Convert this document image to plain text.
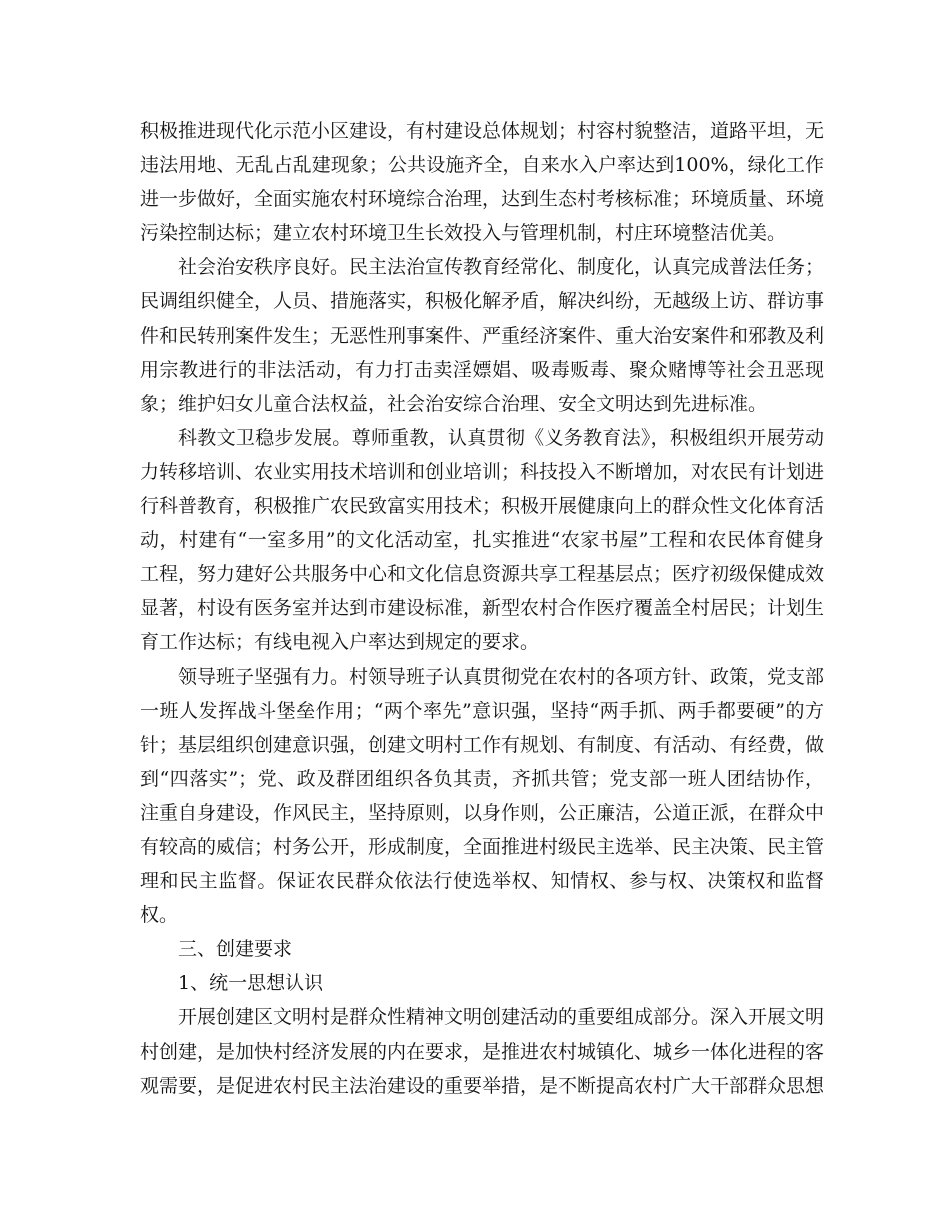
积极推进现代化示范小区建设，有村建设总体规划；村容村貌整洁，道路平坦，无违法用地、无乱占乱建现象；公共设施齐全，自来水入户率达到100%，绿化工作进一步做好，全面实施农村环境综合治理，达到生态村考核标准；环境质量、环境污染控制达标；建立农村环境卫生长效投入与管理机制，村庄环境整洁优美。

社会治安秩序良好。民主法治宣传教育经常化、制度化，认真完成普法任务；民调组织健全，人员、措施落实，积极化解矛盾，解决纠纷，无越级上访、群访事件和民转刑案件发生；无恶性刑事案件、严重经济案件、重大治安案件和邪教及利用宗教进行的非法活动，有力打击卖淫嫖娼、吸毒贩毒、聚众赌博等社会丑恶现象；维护妇女儿童合法权益，社会治安综合治理、安全文明达到先进标准。

科教文卫稳步发展。尊师重教，认真贯彻《义务教育法》，积极组织开展劳动力转移培训、农业实用技术培训和创业培训；科技投入不断增加，对农民有计划进行科普教育，积极推广农民致富实用技术；积极开展健康向上的群众性文化体育活动，村建有“一室多用”的文化活动室，扎实推进“农家书屋”工程和农民体育健身工程，努力建好公共服务中心和文化信息资源共享工程基层点；医疗初级保健成效显著，村设有医务室并达到市建设标准，新型农村合作医疗覆盖全村居民；计划生育工作达标；有线电视入户率达到规定的要求。

领导班子坚强有力。村领导班子认真贯彻党在农村的各项方针、政策，党支部一班人发挥战斗堡垒作用；“两个率先”意识强，坚持“两手抓、两手都要硬”的方针；基层组织创建意识强，创建文明村工作有规划、有制度、有活动、有经费，做到“四落实”；党、政及群团组织各负其责，齐抓共管；党支部一班人团结协作，注重自身建设，作风民主，坚持原则，以身作则，公正廉洁，公道正派，在群众中有较高的威信；村务公开，形成制度，全面推进村级民主选举、民主决策、民主管理和民主监督。保证农民群众依法行使选举权、知情权、参与权、决策权和监督权。

三、创建要求

1、统一思想认识

开展创建区文明村是群众性精神文明创建活动的重要组成部分。深入开展文明村创建，是加快村经济发展的内在要求，是推进农村城镇化、城乡一体化进程的客观需要，是促进农村民主法治建设的重要举措，是不断提高农村广大干部群众思想
